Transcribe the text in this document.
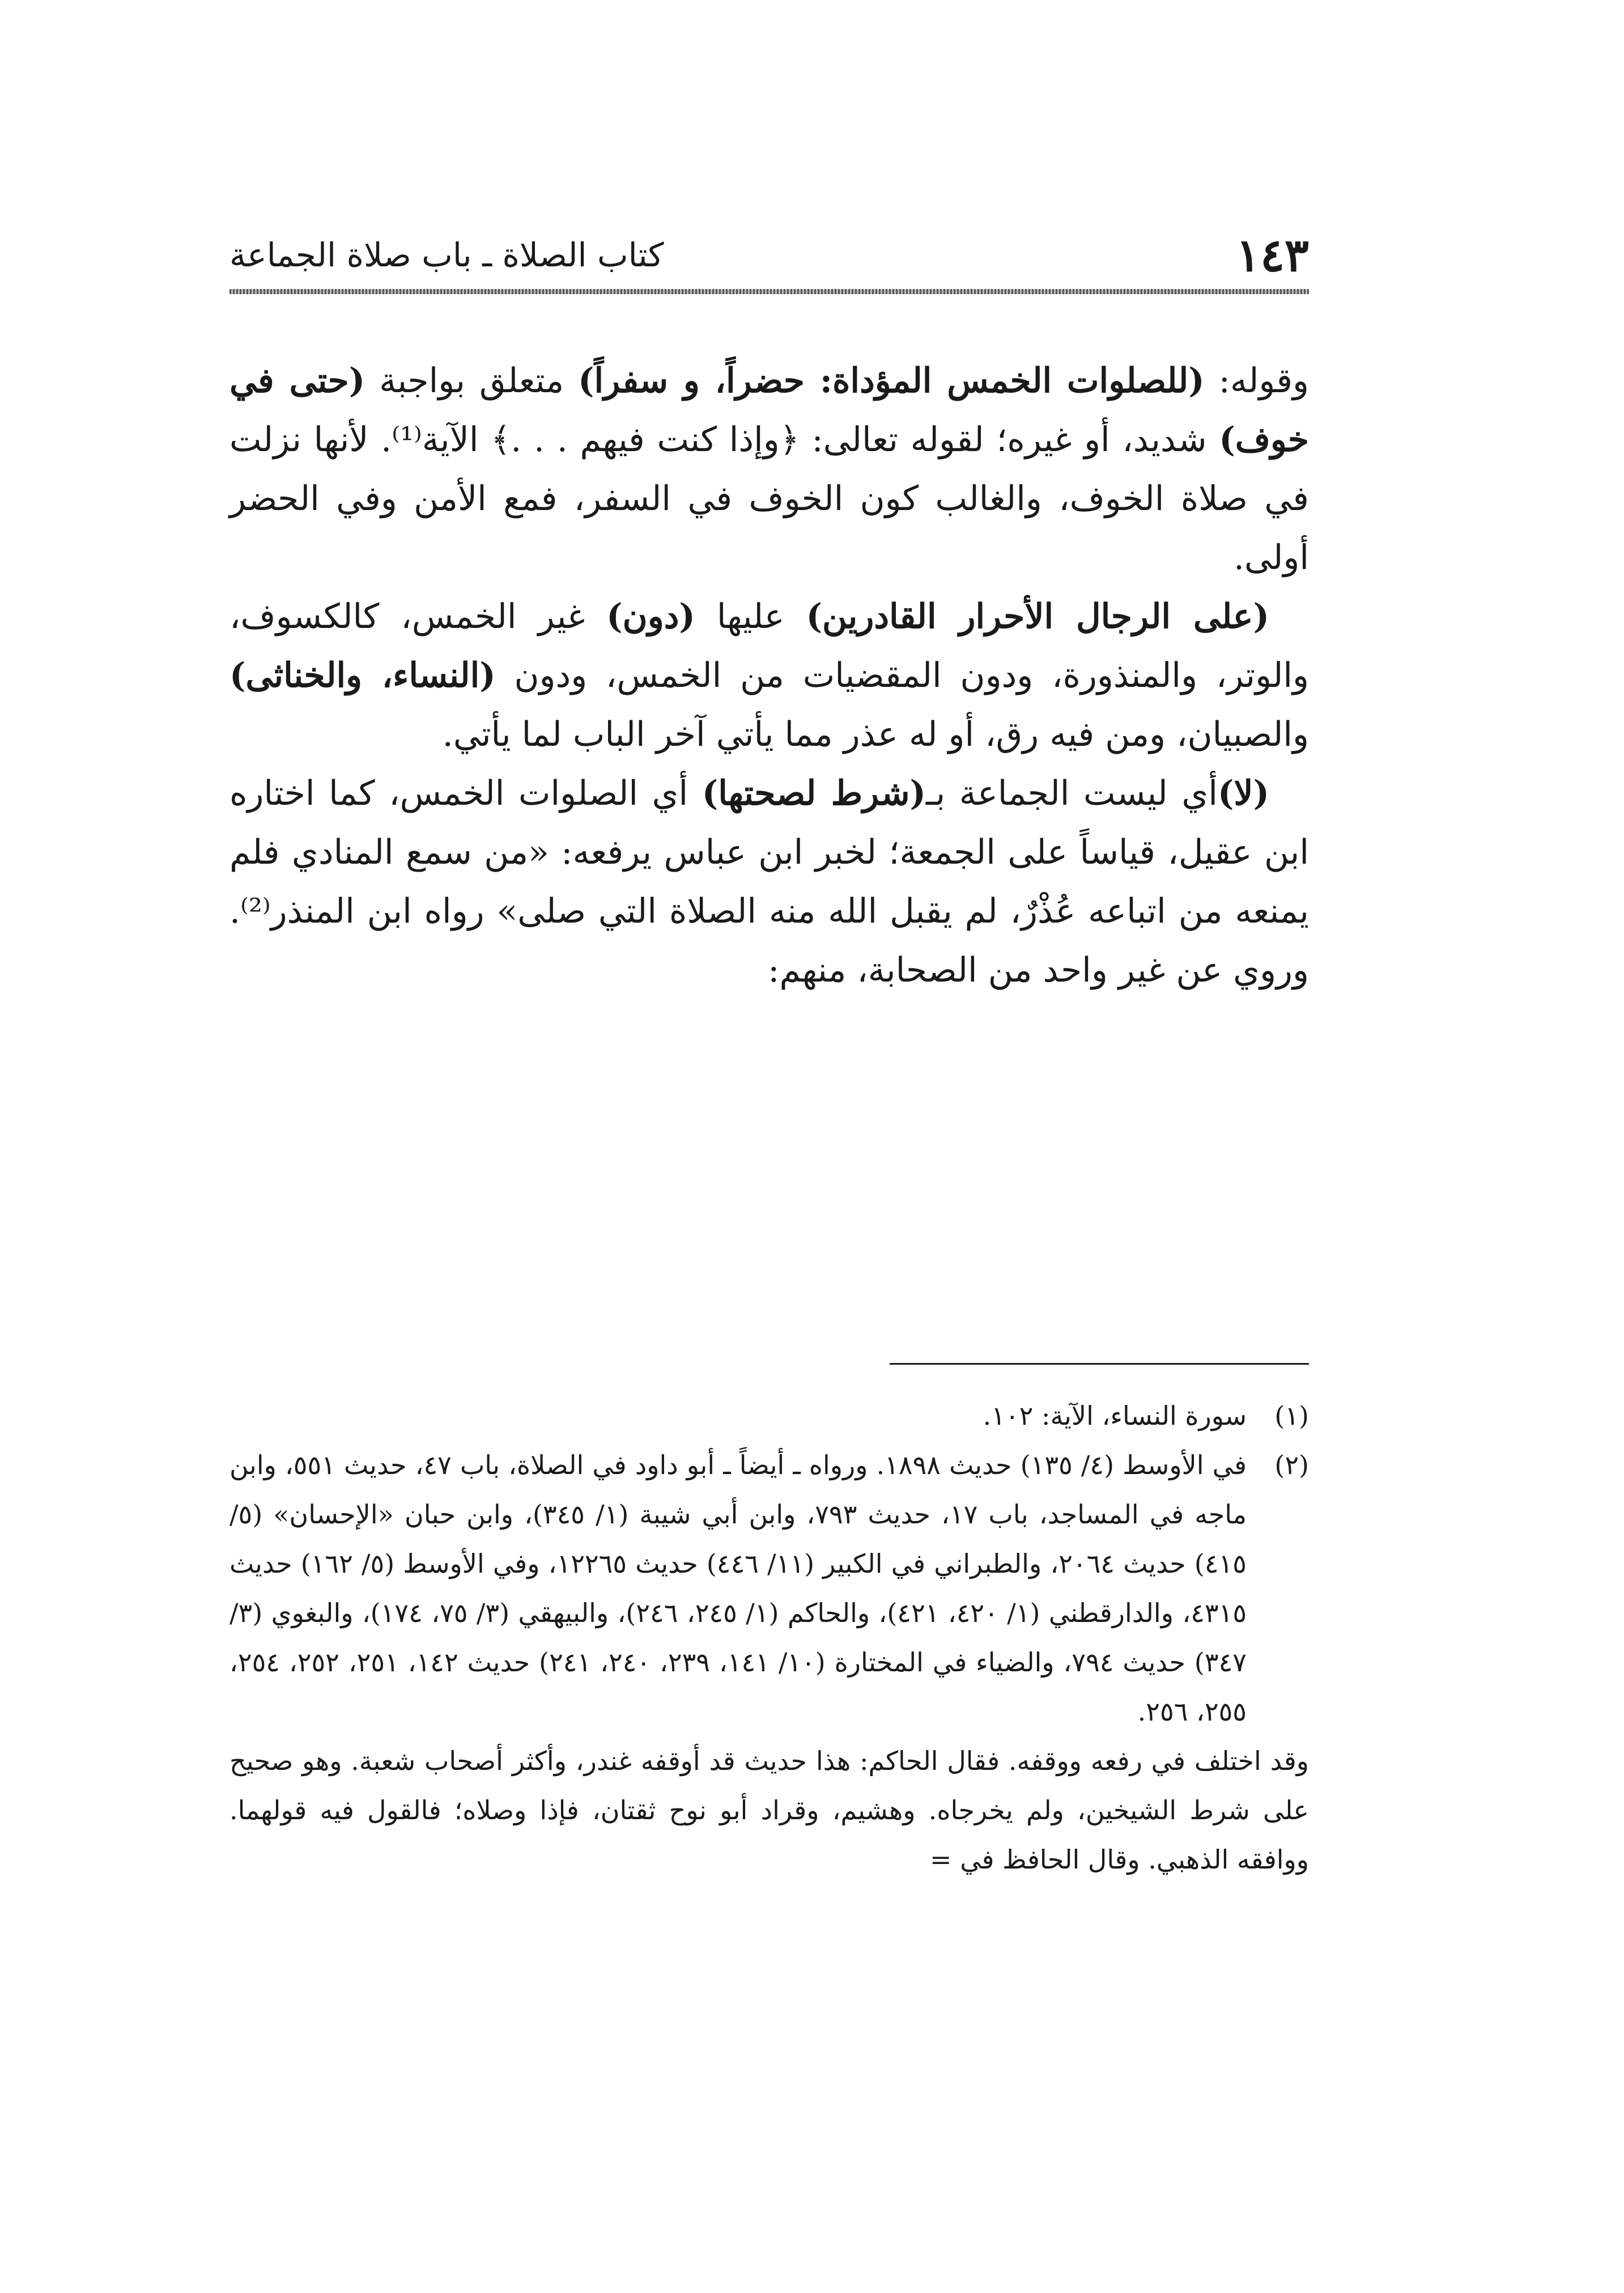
١٤٣
كتاب الصلاة ـ باب صلاة الجماعة

وقوله: (للصلوات الخمس المؤداة: حضراً، و سفراً) متعلق بواجبة (حتى في خوف) شديد، أو غيره؛ لقوله تعالى: ﴿وإذا كنت فيهم . . .﴾ الآية⁽¹⁾. لأنها نزلت في صلاة الخوف، والغالب كون الخوف في السفر، فمع الأمن وفي الحضر أولى.

(على الرجال الأحرار القادرين) عليها (دون) غير الخمس، كالكسوف، والوتر، والمنذورة، ودون المقضيات من الخمس، ودون (النساء، والخناثى) والصبيان، ومن فيه رق، أو له عذر مما يأتي آخر الباب لما يأتي.

(لا)أي ليست الجماعة بـ(شرط لصحتها) أي الصلوات الخمس، كما اختاره ابن عقيل، قياساً على الجمعة؛ لخبر ابن عباس يرفعه: «من سمع المنادي فلم يمنعه من اتباعه عُذْرٌ، لم يقبل الله منه الصلاة التي صلى» رواه ابن المنذر⁽²⁾. وروي عن غير واحد من الصحابة، منهم:

(١)
سورة النساء، الآية: ١٠٢.

(٢)
في الأوسط (٤/ ١٣٥) حديث ١٨٩٨. ورواه ـ أيضاً ـ أبو داود في الصلاة، باب ٤٧، حديث ٥٥١، وابن ماجه في المساجد، باب ١٧، حديث ٧٩٣، وابن أبي شيبة (١/ ٣٤٥)، وابن حبان «الإحسان» (٥/ ٤١٥) حديث ٢٠٦٤، والطبراني في الكبير (١١/ ٤٤٦) حديث ١٢٢٦٥، وفي الأوسط (٥/ ١٦٢) حديث ٤٣١٥، والدارقطني (١/ ٤٢٠، ٤٢١)، والحاكم (١/ ٢٤٥، ٢٤٦)، والبيهقي (٣/ ٧٥، ١٧٤)، والبغوي (٣/ ٣٤٧) حديث ٧٩٤، والضياء في المختارة (١٠/ ١٤١، ٢٣٩، ٢٤٠، ٢٤١) حديث ١٤٢، ٢٥١، ٢٥٢، ٢٥٤، ٢٥٥، ٢٥٦.

وقد اختلف في رفعه ووقفه. فقال الحاكم: هذا حديث قد أوقفه غندر، وأكثر أصحاب شعبة. وهو صحيح على شرط الشيخين، ولم يخرجاه. وهشيم، وقراد أبو نوح ثقتان، فإذا وصلاه؛ فالقول فيه قولهما. ووافقه الذهبي. وقال الحافظ في =
